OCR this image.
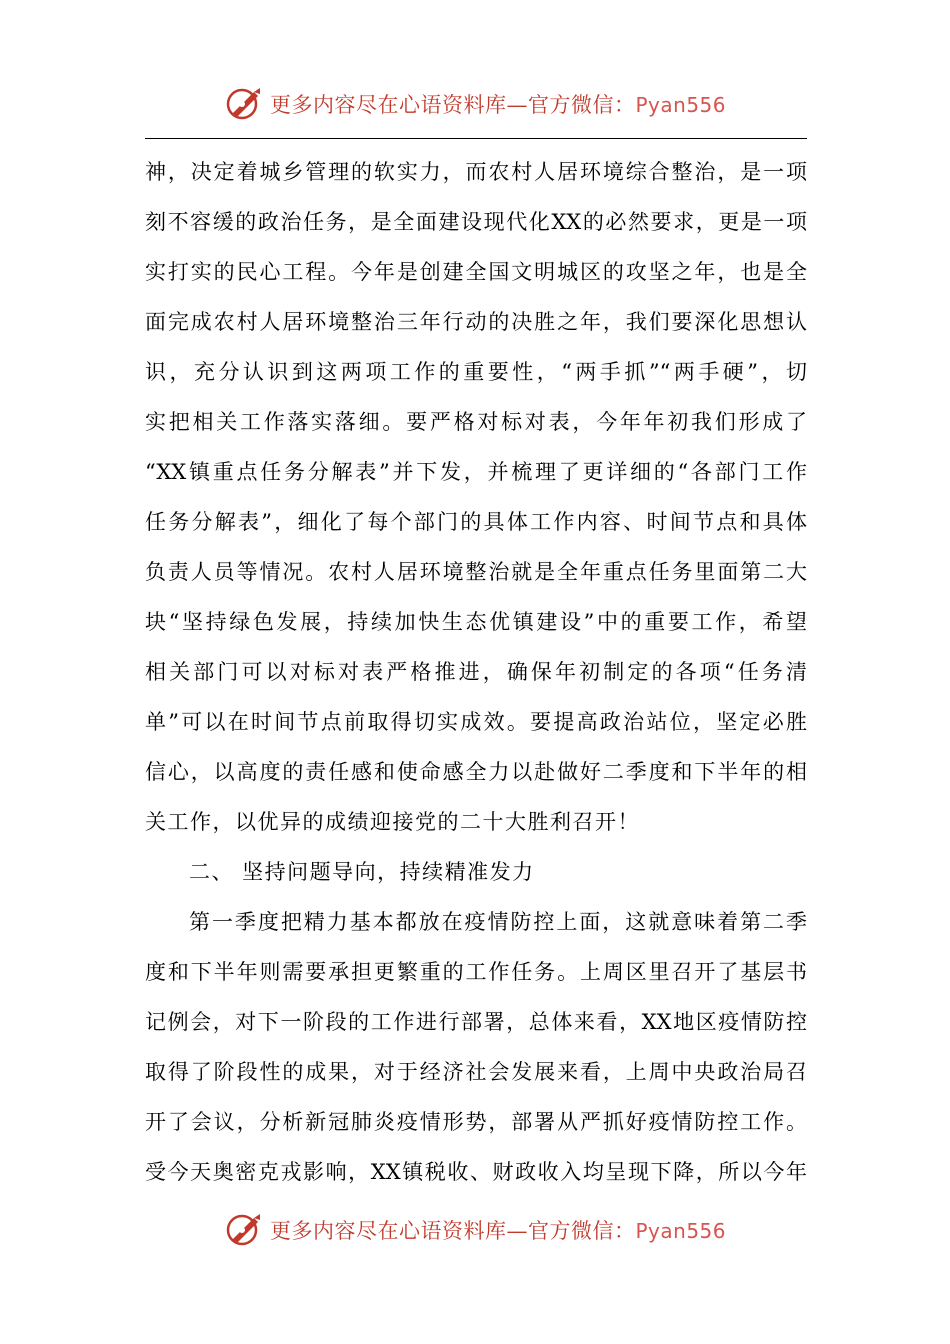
更多内容尽在心语资料库—官方微信：Pyan556
神，决定着城乡管理的软实力，而农村人居环境综合整治，是一项
刻不容缓的政治任务，是全面建设现代化XX的必然要求，更是一项
实打实的民心工程。今年是创建全国文明城区的攻坚之年，也是全
面完成农村人居环境整治三年行动的决胜之年，我们要深化思想认
识，充分认识到这两项工作的重要性，“两手抓”“两手硬”，切
实把相关工作落实落细。要严格对标对表，今年年初我们形成了
“XX镇重点任务分解表”并下发，并梳理了更详细的“各部门工作
任务分解表”，细化了每个部门的具体工作内容、时间节点和具体
负责人员等情况。农村人居环境整治就是全年重点任务里面第二大
块“坚持绿色发展，持续加快生态优镇建设”中的重要工作，希望
相关部门可以对标对表严格推进，确保年初制定的各项“任务清
单”可以在时间节点前取得切实成效。要提高政治站位，坚定必胜
信心，以高度的责任感和使命感全力以赴做好二季度和下半年的相
关工作，以优异的成绩迎接党的二十大胜利召开！
二、 坚持问题导向，持续精准发力
第一季度把精力基本都放在疫情防控上面，这就意味着第二季
度和下半年则需要承担更繁重的工作任务。上周区里召开了基层书
记例会，对下一阶段的工作进行部署，总体来看，XX地区疫情防控
取得了阶段性的成果，对于经济社会发展来看，上周中央政治局召
开了会议，分析新冠肺炎疫情形势，部署从严抓好疫情防控工作。
受今天奥密克戎影响，XX镇税收、财政收入均呈现下降，所以今年
更多内容尽在心语资料库—官方微信：Pyan556
